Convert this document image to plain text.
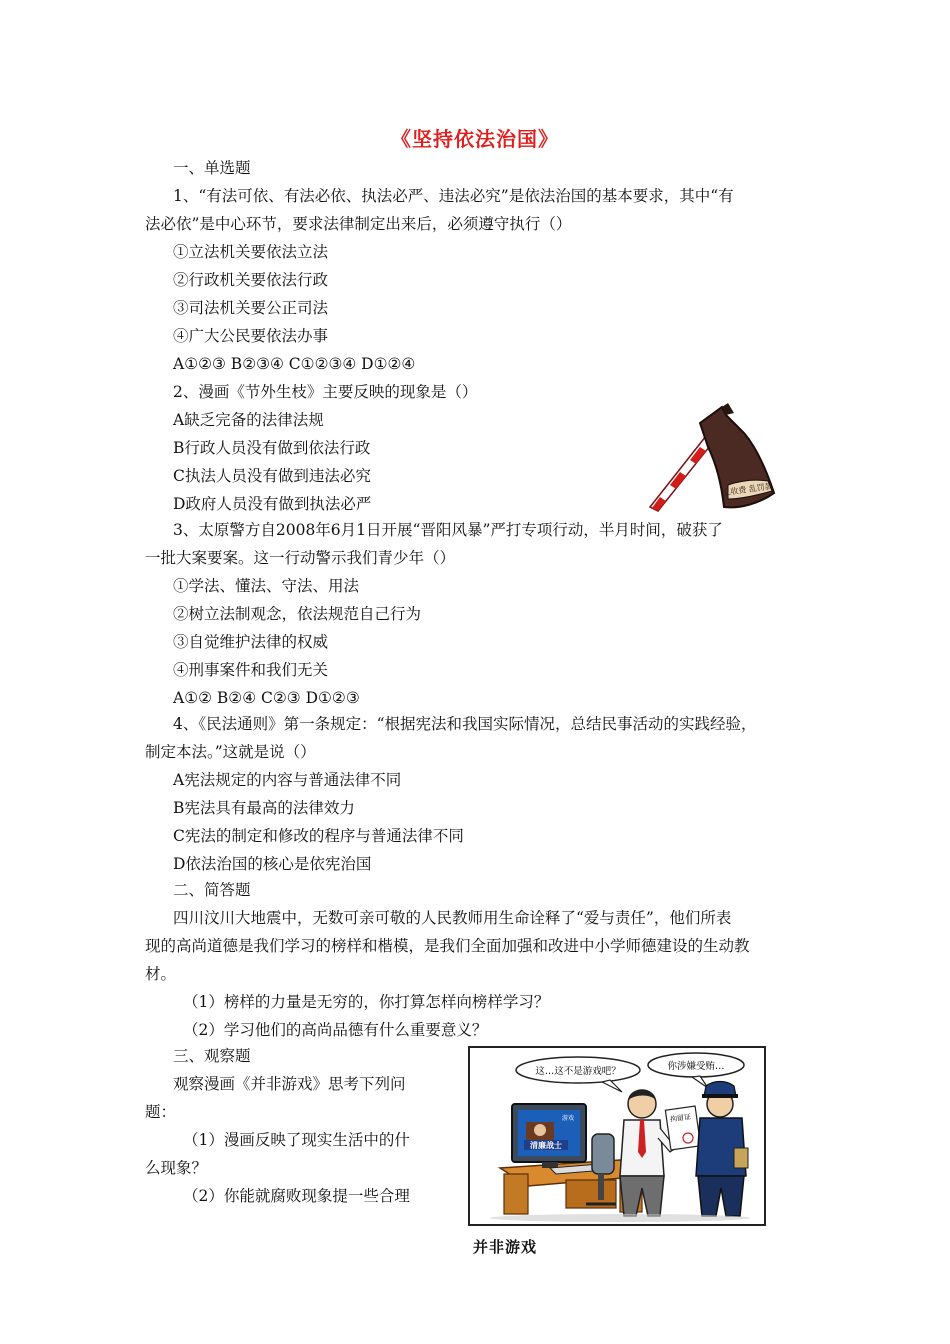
《坚持依法治国》
一、单选题
1、“有法可依、有法必依、执法必严、违法必究”是依法治国的基本要求，其中“有
法必依”是中心环节，要求法律制定出来后，必须遵守执行（）
①立法机关要依法立法
②行政机关要依法行政
③司法机关要公正司法
④广大公民要依法办事
A①②③ B②③④ C①②③④ D①②④
2、漫画《节外生枝》主要反映的现象是（）
A缺乏完备的法律法规
B行政人员没有做到依法行政
C执法人员没有做到违法必究
D政府人员没有做到执法必严
乱收费 乱罚款
3、太原警方自2008年6月1日开展“晋阳风暴”严打专项行动，半月时间，破获了
一批大案要案。这一行动警示我们青少年（）
①学法、懂法、守法、用法
②树立法制观念，依法规范自己行为
③自觉维护法律的权威
④刑事案件和我们无关
A①② B②④ C②③ D①②③
4、《民法通则》第一条规定：“根据宪法和我国实际情况，总结民事活动的实践经验，
制定本法。”这就是说（）
A宪法规定的内容与普通法律不同
B宪法具有最高的法律效力
C宪法的制定和修改的程序与普通法律不同
D依法治国的核心是依宪治国
二、简答题
四川汶川大地震中，无数可亲可敬的人民教师用生命诠释了“爱与责任”，他们所表
现的高尚道德是我们学习的榜样和楷模，是我们全面加强和改进中小学师德建设的生动教
材。
（1）榜样的力量是无穷的，你打算怎样向榜样学习？
（2）学习他们的高尚品德有什么重要意义？
三、观察题
观察漫画《并非游戏》思考下列问
题：
（1）漫画反映了现实生活中的什
么现象？
（2）你能就腐败现象提一些合理
这…这不是游戏吧？	你涉嫌受贿…
清廉战士
游戏	拘留证
并非游戏
